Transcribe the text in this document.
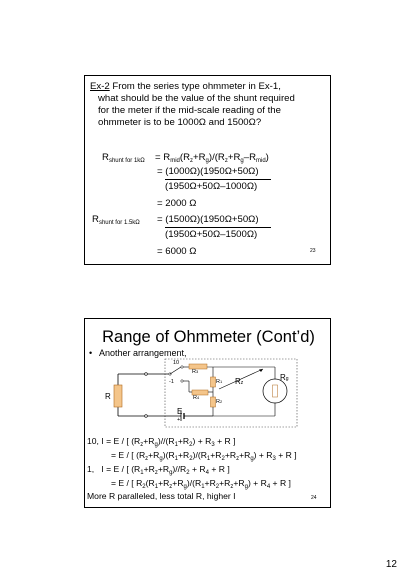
Ex-2 From the series type ohmmeter in Ex-1,
what should be the value of the shunt required
for the meter if the mid-scale reading of the
ohmmeter is to be 1000Ω and 1500Ω?
$R_{shunt for 1k\Omega} = R_{mid}(R_z+R_g)/(R_z+R_g-R_{mid})$
= (1000Ω)(1950Ω+50Ω)
(1950Ω+50Ω–1000Ω)
= 2000 Ω
$R_{shunt for 1.5k\Omega} = (1500\Omega)(1950\Omega+50\Omega)$
(1950Ω+50Ω–1500Ω)
= 6000 Ω	23
Range of Ohmmeter (Cont’d)
• Another arrangement,
10
-1
R
R3
R1
R2
R4
Rz
Rg
E
+
10, I = E / [ $(R_z+R_g)//(R_1+R_2) + R_3 + R$ ]
= E / [ $(R_z+R_g)(R_1+R_2)/(R_1+R_2+R_z+R_g) + R_3 + R$ ]
1, I = E / [ $(R_1+R_z+R_g)//R_2 + R_4 + R$ ]
= E / [ $R_2(R_1+R_z+R_g)/(R_1+R_2+R_z+R_g) + R_4 + R$ ]
More R paralleled, less total R, higher I	24
12
